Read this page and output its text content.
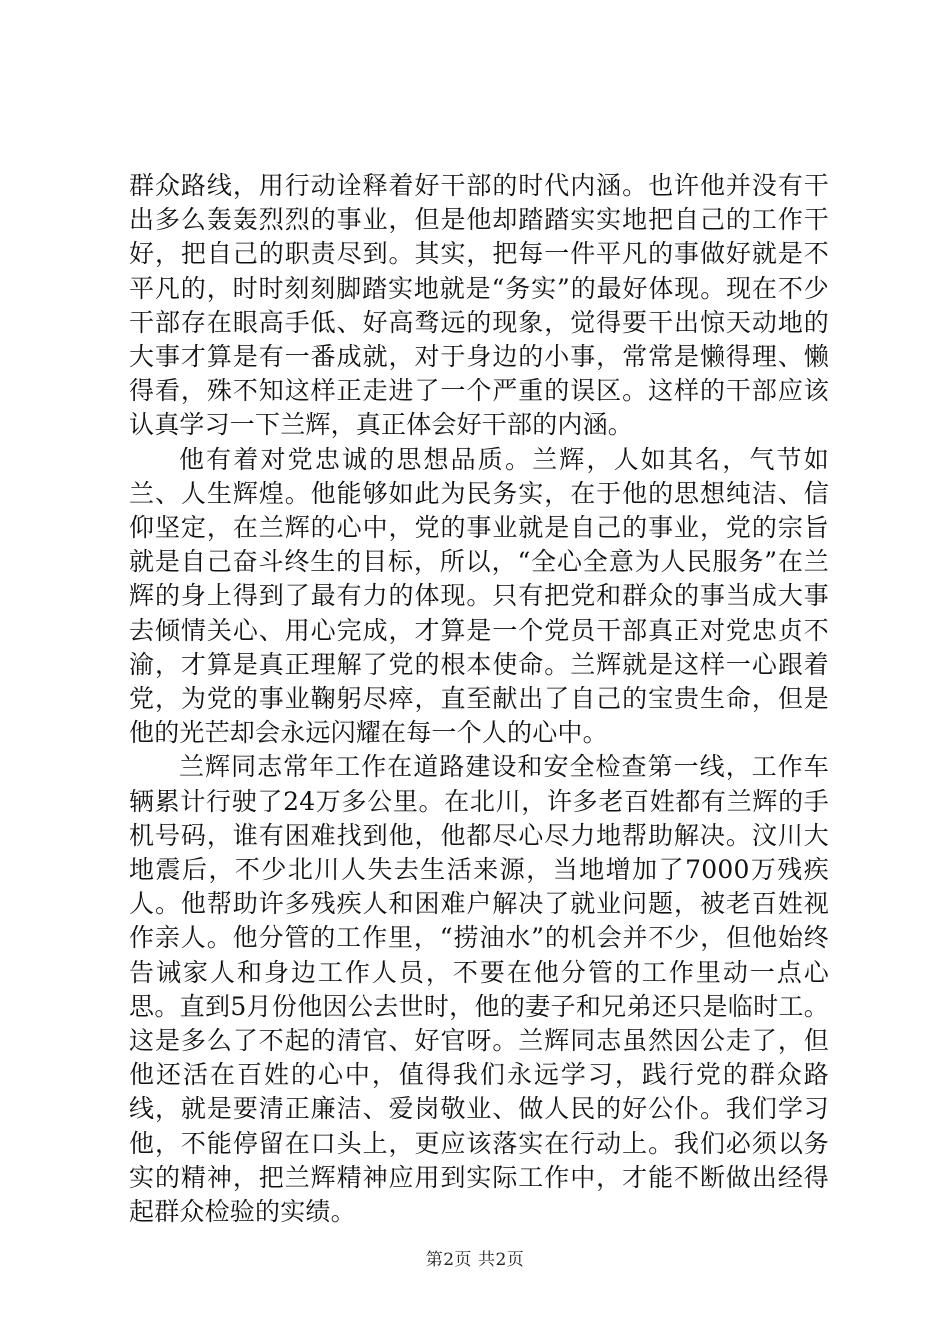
群众路线，用行动诠释着好干部的时代内涵。也许他并没有干出多么轰轰烈烈的事业，但是他却踏踏实实地把自己的工作干好，把自己的职责尽到。其实，把每一件平凡的事做好就是不平凡的，时时刻刻脚踏实地就是“务实”的最好体现。现在不少干部存在眼高手低、好高骛远的现象，觉得要干出惊天动地的大事才算是有一番成就，对于身边的小事，常常是懒得理、懒得看，殊不知这样正走进了一个严重的误区。这样的干部应该认真学习一下兰辉，真正体会好干部的内涵。

他有着对党忠诚的思想品质。兰辉，人如其名，气节如兰、人生辉煌。他能够如此为民务实，在于他的思想纯洁、信仰坚定，在兰辉的心中，党的事业就是自己的事业，党的宗旨就是自己奋斗终生的目标，所以，“全心全意为人民服务”在兰辉的身上得到了最有力的体现。只有把党和群众的事当成大事去倾情关心、用心完成，才算是一个党员干部真正对党忠贞不渝，才算是真正理解了党的根本使命。兰辉就是这样一心跟着党，为党的事业鞠躬尽瘁，直至献出了自己的宝贵生命，但是他的光芒却会永远闪耀在每一个人的心中。

兰辉同志常年工作在道路建设和安全检查第一线，工作车辆累计行驶了24万多公里。在北川，许多老百姓都有兰辉的手机号码，谁有困难找到他，他都尽心尽力地帮助解决。汶川大地震后，不少北川人失去生活来源，当地增加了7000万残疾人。他帮助许多残疾人和困难户解决了就业问题，被老百姓视作亲人。他分管的工作里，“捞油水”的机会并不少，但他始终告诫家人和身边工作人员，不要在他分管的工作里动一点心思。直到5月份他因公去世时，他的妻子和兄弟还只是临时工。这是多么了不起的清官、好官呀。兰辉同志虽然因公走了，但他还活在百姓的心中，值得我们永远学习，践行党的群众路线，就是要清正廉洁、爱岗敬业、做人民的好公仆。我们学习他，不能停留在口头上，更应该落实在行动上。我们必须以务实的精神，把兰辉精神应用到实际工作中，才能不断做出经得起群众检验的实绩。

第2页 共2页
